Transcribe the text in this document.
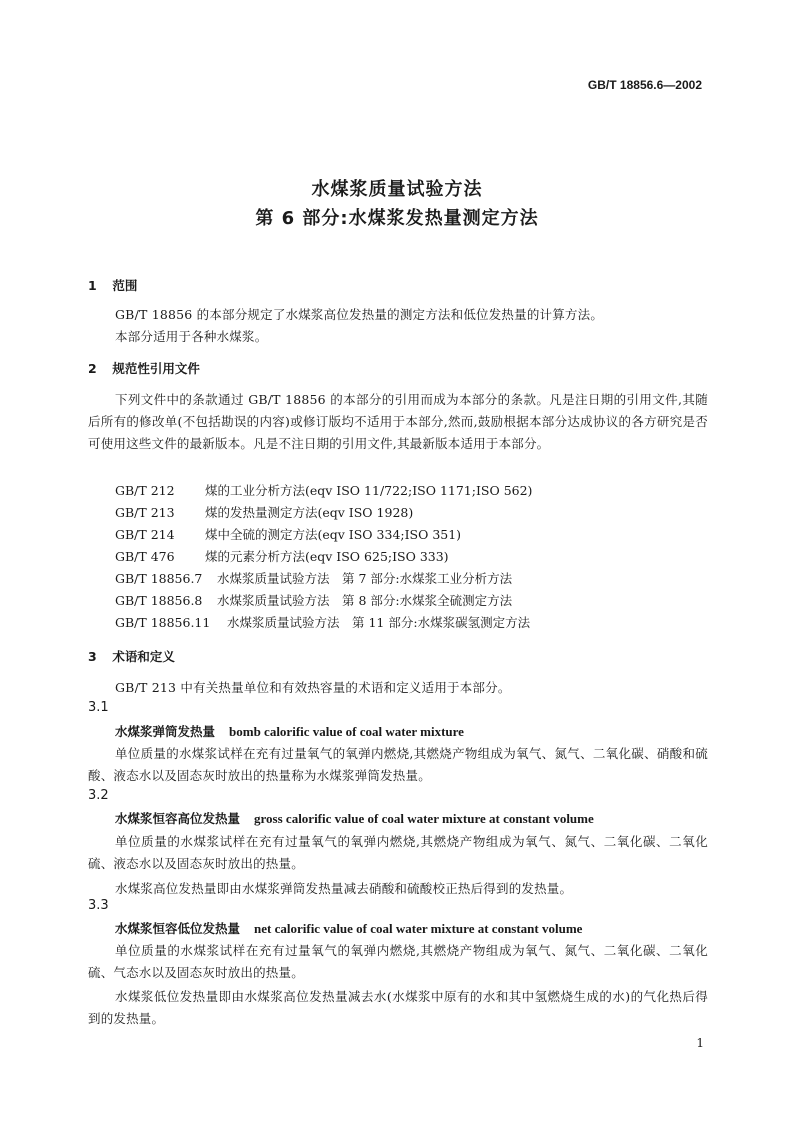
GB/T 18856.6—2002
水煤浆质量试验方法
第 6 部分:水煤浆发热量测定方法
1 范围
GB/T 18856 的本部分规定了水煤浆高位发热量的测定方法和低位发热量的计算方法。
本部分适用于各种水煤浆。
2 规范性引用文件
下列文件中的条款通过 GB/T 18856 的本部分的引用而成为本部分的条款。凡是注日期的引用文件,其随后所有的修改单(不包括勘误的内容)或修订版均不适用于本部分,然而,鼓励根据本部分达成协议的各方研究是否可使用这些文件的最新版本。凡是不注日期的引用文件,其最新版本适用于本部分。
GB/T 212 煤的工业分析方法(eqv ISO 11/722;ISO 1171;ISO 562)
GB/T 213 煤的发热量测定方法(eqv ISO 1928)
GB/T 214 煤中全硫的测定方法(eqv ISO 334;ISO 351)
GB/T 476 煤的元素分析方法(eqv ISO 625;ISO 333)
GB/T 18856.7 水煤浆质量试验方法　第 7 部分:水煤浆工业分析方法
GB/T 18856.8 水煤浆质量试验方法　第 8 部分:水煤浆全硫测定方法
GB/T 18856.11 水煤浆质量试验方法　第 11 部分:水煤浆碳氢测定方法
3 术语和定义
GB/T 213 中有关热量单位和有效热容量的术语和定义适用于本部分。
3.1
水煤浆弹筒发热量 bomb calorific value of coal water mixture
单位质量的水煤浆试样在充有过量氧气的氧弹内燃烧,其燃烧产物组成为氧气、氮气、二氧化碳、硝酸和硫酸、液态水以及固态灰时放出的热量称为水煤浆弹筒发热量。
3.2
水煤浆恒容高位发热量 gross calorific value of coal water mixture at constant volume
单位质量的水煤浆试样在充有过量氧气的氧弹内燃烧,其燃烧产物组成为氧气、氮气、二氧化碳、二氧化硫、液态水以及固态灰时放出的热量。
水煤浆高位发热量即由水煤浆弹筒发热量减去硝酸和硫酸校正热后得到的发热量。
3.3
水煤浆恒容低位发热量 net calorific value of coal water mixture at constant volume
单位质量的水煤浆试样在充有过量氧气的氧弹内燃烧,其燃烧产物组成为氧气、氮气、二氧化碳、二氧化硫、气态水以及固态灰时放出的热量。
水煤浆低位发热量即由水煤浆高位发热量减去水(水煤浆中原有的水和其中氢燃烧生成的水)的气化热后得到的发热量。
1
